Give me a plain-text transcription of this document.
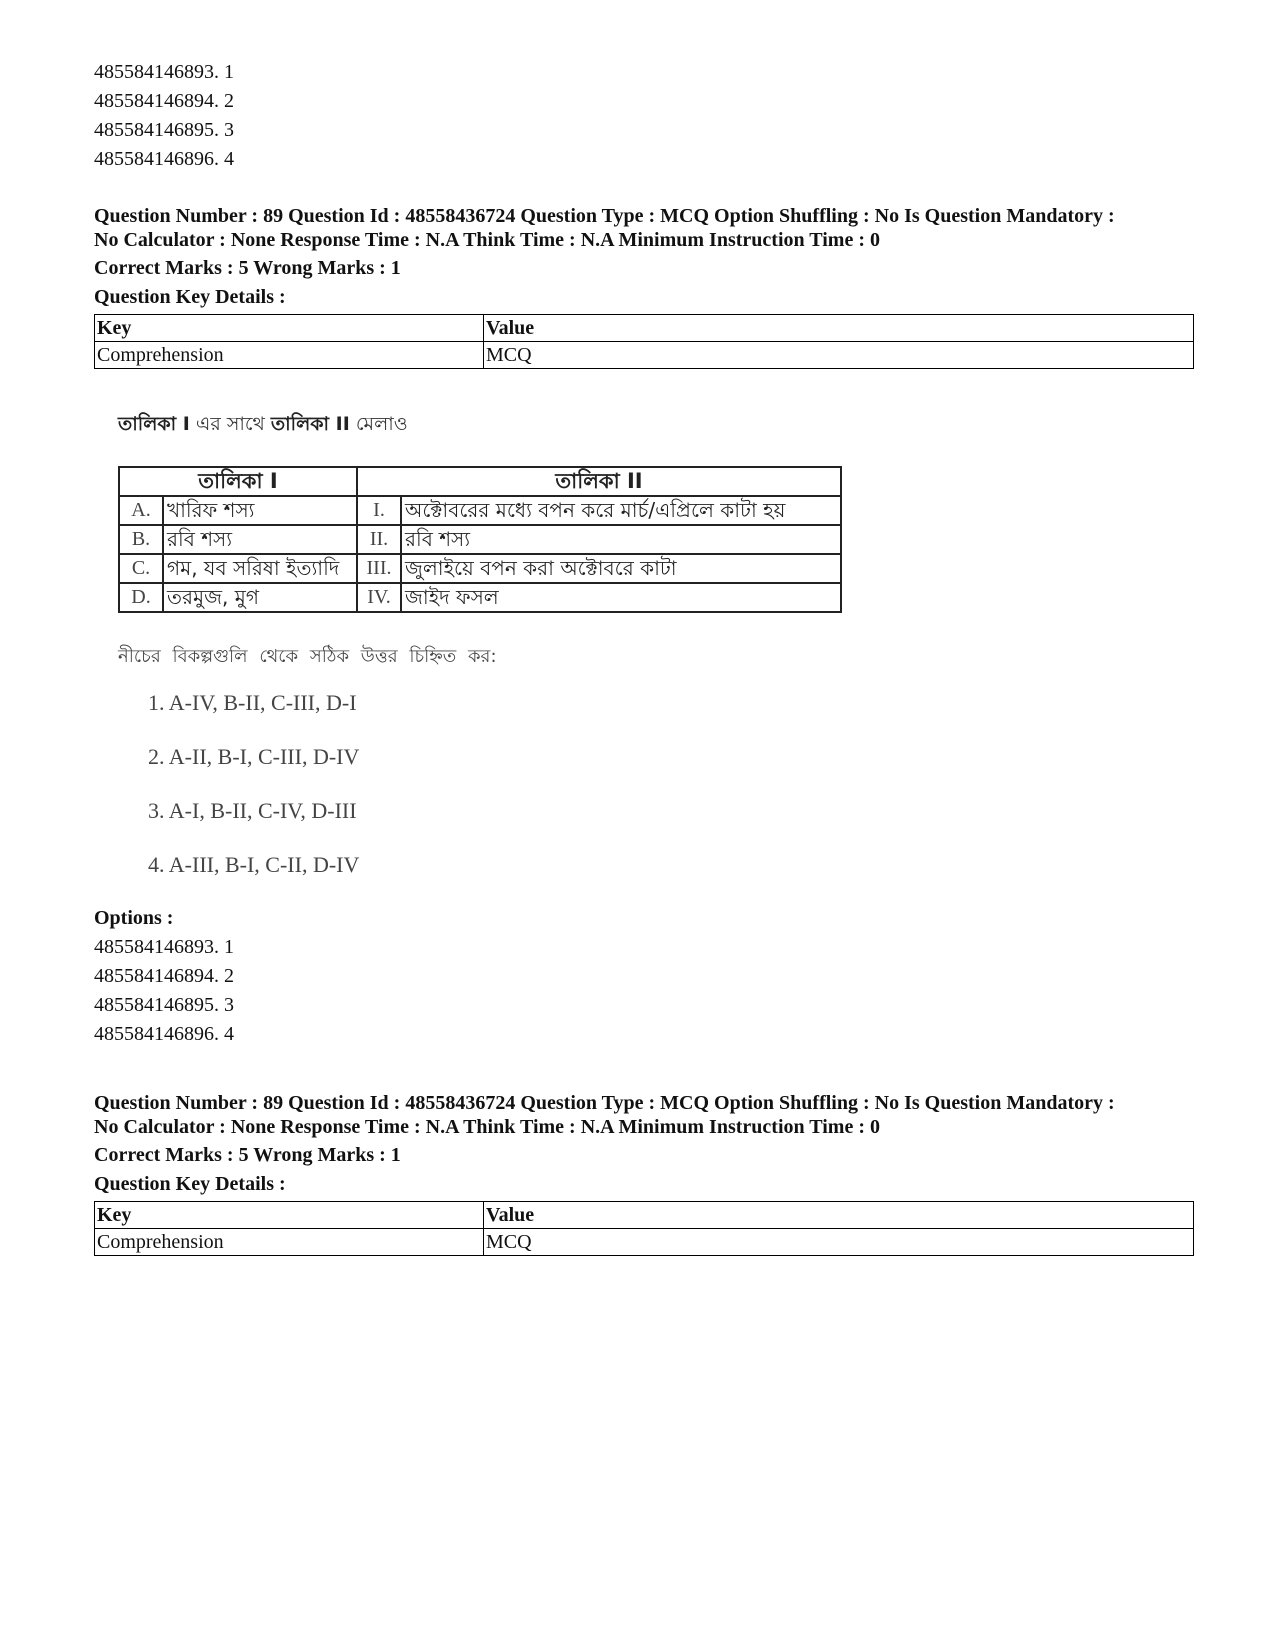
485584146893. 1
485584146894. 2
485584146895. 3
485584146896. 4
Question Number : 89 Question Id : 48558436724 Question Type : MCQ Option Shuffling : No Is Question Mandatory :
No Calculator : None Response Time : N.A Think Time : N.A Minimum Instruction Time : 0
Correct Marks : 5 Wrong Marks : 1
Question Key Details :
Key	Value
Comprehension	MCQ
তালিকা I এর সাথে তালিকা II মেলাও
তালিকা I		তালিকা II	
A.	খারিফ শস্য	I.	অক্টোবরের মধ্যে বপন করে মার্চ/এপ্রিলে কাটা হয়
B.	রবি শস্য	II.	রবি শস্য
C.	গম, যব সরিষা ইত্যাদি	III.	জুলাইয়ে বপন করা অক্টোবরে কাটা
D.	তরমুজ, মুগ	IV.	জাইদ ফসল
নীচের বিকল্পগুলি থেকে সঠিক উত্তর চিহ্নিত কর:
1. A-IV, B-II, C-III, D-I
2. A-II, B-I, C-III, D-IV
3. A-I, B-II, C-IV, D-III
4. A-III, B-I, C-II, D-IV
Options :
485584146893. 1
485584146894. 2
485584146895. 3
485584146896. 4
Question Number : 89 Question Id : 48558436724 Question Type : MCQ Option Shuffling : No Is Question Mandatory :
No Calculator : None Response Time : N.A Think Time : N.A Minimum Instruction Time : 0
Correct Marks : 5 Wrong Marks : 1
Question Key Details :
Key	Value
Comprehension	MCQ
